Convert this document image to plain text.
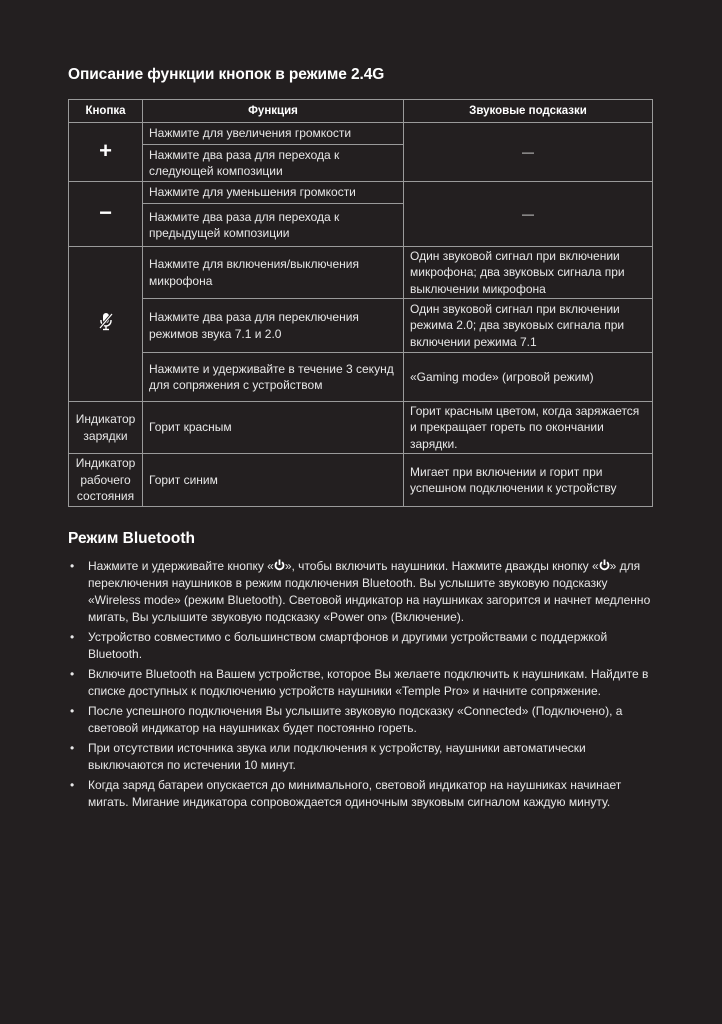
Описание функции кнопок в режиме 2.4G
Кнопка	Функция	Звуковые подсказки
+	Нажмите для увеличения громкости	—
	Нажмите два раза для перехода к следующей композиции	
−	Нажмите для уменьшения громкости	—
	Нажмите два раза для перехода к предыдущей композиции	
	Нажмите для включения/выключения микрофона	Один звуковой сигнал при включении микрофона; два звуковых сигнала при выключении микрофона
	Нажмите два раза для переключения режимов звука 7.1 и 2.0	Один звуковой сигнал при включении режима 2.0; два звуковых сигнала при включении режима 7.1
	Нажмите и удерживайте в течение 3 секунд для сопряжения с устройством	«Gaming mode» (игровой режим)
Индикатор зарядки	Горит красным	Горит красным цветом, когда заряжается и прекращает гореть по окончании зарядки.
Индикатор рабочего состояния	Горит синим	Мигает при включении и горит при успешном подключении к устройству
Режим Bluetooth
• Нажмите и удерживайте кнопку « », чтобы включить наушники. Нажмите дважды кнопку « » для переключения наушников в режим подключения Bluetooth. Вы услышите звуковую подсказку «Wireless mode» (режим Bluetooth). Световой индикатор на наушниках загорится и начнет медленно мигать, Вы услышите звуковую подсказку «Power on» (Включение).
• Устройство совместимо с большинством смартфонов и другими устройствами с поддержкой Bluetooth.
• Включите Bluetooth на Вашем устройстве, которое Вы желаете подключить к наушникам. Найдите в списке доступных к подключению устройств наушники «Temple Pro» и начните сопряжение.
• После успешного подключения Вы услышите звуковую подсказку «Connected» (Подключено), а световой индикатор на наушниках будет постоянно гореть.
• При отсутствии источника звука или подключения к устройству, наушники автоматически выключаются по истечении 10 минут.
• Когда заряд батареи опускается до минимального, световой индикатор на наушниках начинает мигать. Мигание индикатора сопровождается одиночным звуковым сигналом каждую минуту.
